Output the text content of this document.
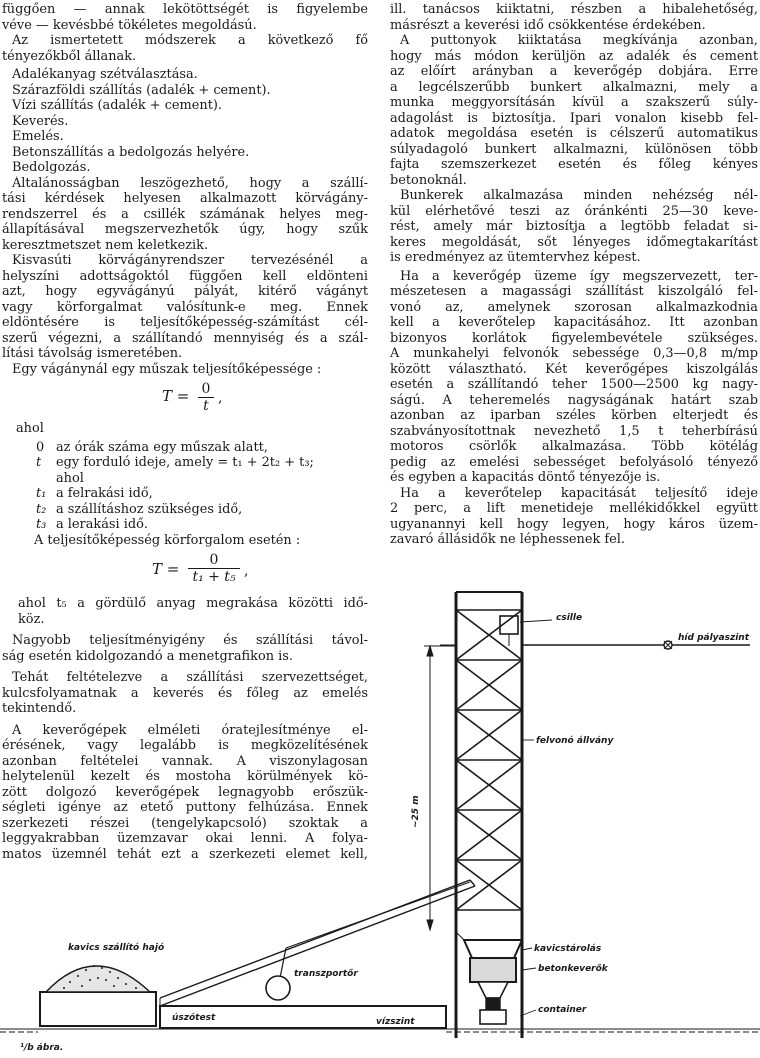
függően — annak lekötöttségét is figyelembe
véve — kevésbbé tökéletes megoldású.
Az ismertetett módszerek a következő fő
tényezőkből állanak.
Adalékanyag szétválasztása.
Szárazföldi szállítás (adalék + cement).
Vízi szállítás (adalék + cement).
Keverés.
Emelés.
Betonszállítás a bedolgozás helyére.
Bedolgozás.
Általánosságban leszögezhető, hogy a szállí-
tási kérdések helyesen alkalmazott körvágány-
rendszerrel és a csillék számának helyes meg-
állapításával megszervezhetők úgy, hogy szűk
keresztmetszet nem keletkezik.
Kisvasúti körvágányrendszer tervezésénél a
helyszíni adottságoktól függően kell eldönteni
azt, hogy egyvágányú pályát, kitérő vágányt
vagy körforgalmat valósítunk-e meg. Ennek
eldöntésére is teljesítőképesség-számítást cél-
szerű végezni, a szállítandó mennyiség és a szál-
lítási távolság ismeretében.
Egy vágánynál egy műszak teljesítőképessége :
T = 0
t ,
ahol
0 az órák száma egy műszak alatt,
t	egy forduló ideje, amely = t₁ + 2t₂ + t₃;
ahol
t₁ a felrakási idő,
t₂ a szállításhoz szükséges idő,
t₃ a lerakási idő.
A teljesítőképesség körforgalom esetén :
T =	0
t₁ + t₅ ,
ahol t₅ a gördülő anyag megrakása közötti idő-
köz.
Nagyobb teljesítményigény és szállítási távol-
ság esetén kidolgozandó a menetgrafikon is.
Tehát feltételezve a szállítási szervezettséget,
kulcsfolyamatnak a keverés és főleg az emelés
tekintendő.
A keverőgépek elméleti óratejlesítménye el-
érésének, vagy legalább is megközelítésének
azonban feltételei vannak. A viszonylagosan
helytelenül kezelt és mostoha körülmények kö-
zött dolgozó keverőgépek legnagyobb erőszük-
ségleti igénye az etető puttony felhúzása. Ennek
szerkezeti részei (tengelykapcsoló) szoktak a
leggyakrabban üzemzavar okai lenni. A folya-
matos üzemnél tehát ezt a szerkezeti elemet kell,
ill. tanácsos kiiktatni, részben a hibalehetőség,
másrészt a keverési idő csökkentése érdekében.
A puttonyok kiiktatása megkívánja azonban,
hogy más módon kerüljön az adalék és cement
az előírt arányban a keverőgép dobjára. Erre
a legcélszerűbb bunkert alkalmazni, mely a
munka meggyorsításán kívül a szakszerű súly-
adagolást is biztosítja. Ipari vonalon kisebb fel-
adatok megoldása esetén is célszerű automatikus
súlyadagoló bunkert alkalmazni, különösen több
fajta szemszerkezet esetén és főleg kényes
betonoknál.
Bunkerek alkalmazása minden nehézség nél-
kül elérhetővé teszi az óránkénti 25—30 keve-
rést, amely már biztosítja a legtöbb feladat si-
keres megoldását, sőt lényeges időmegtakarítást
is eredményez az ütemtervhez képest.
Ha a keverőgép üzeme így megszervezett, ter-
mészetesen a magassági szállítást kiszolgáló fel-
vonó az, amelynek szorosan alkalmazkodnia
kell a keverőtelep kapacitásához. Itt azonban
bizonyos korlátok figyelembevétele szükséges.
A munkahelyi felvonók sebessége 0,3—0,8 m/mp
között választható. Két keverőgépes kiszolgálás
esetén a szállítandó teher 1500—2500 kg nagy-
ságú. A teheremelés nagyságának határt szab
azonban az iparban széles körben elterjedt és
szabványosítottnak nevezhető 1,5 t teherbírású
motoros csörlők alkalmazása. Több kötélág
pedig az emelési sebességet befolyásoló tényező
és egyben a kapacitás döntő tényezője is.
Ha a keverőtelep kapacitását teljesítő ideje
2 perc, a lift menetideje mellékidőkkel együtt
ugyanannyi kell hogy legyen, hogy káros üzem-
zavaró állásidők ne léphessenek fel.
~25 m
csille
híd pályaszint
felvonó állvány
kavicstárolás
betonkeverők
container
kavics szállító hajó
transzportőr
úszótest	vízszint
¹/b ábra.
